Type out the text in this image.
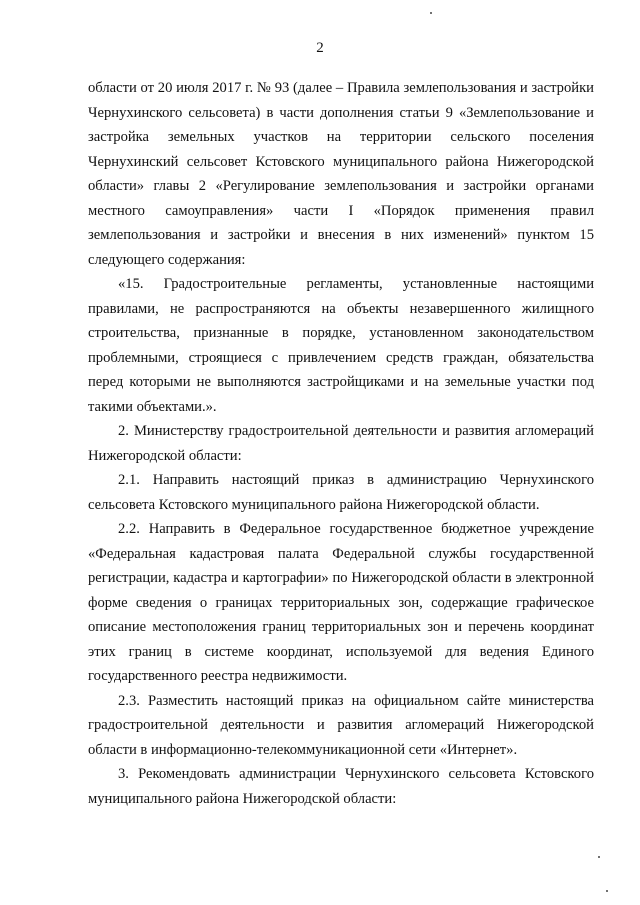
2

области от 20 июля 2017 г. № 93 (далее – Правила землепользования и застройки Чернухинского сельсовета) в части дополнения статьи 9 «Землепользование и застройка земельных участков на территории сельского поселения Чернухинский сельсовет Кстовского муниципального района Нижегородской области» главы 2 «Регулирование землепользования и застройки органами местного самоуправления» части I «Порядок применения правил землепользования и застройки и внесения в них изменений» пунктом 15 следующего содержания:

«15. Градостроительные регламенты, установленные настоящими правилами, не распространяются на объекты незавершенного жилищного строительства, признанные в порядке, установленном законодательством проблемными, строящиеся с привлечением средств граждан, обязательства перед которыми не выполняются застройщиками и на земельные участки под такими объектами.».

2. Министерству градостроительной деятельности и развития агломераций Нижегородской области:

2.1. Направить настоящий приказ в администрацию Чернухинского сельсовета Кстовского муниципального района Нижегородской области.

2.2. Направить в Федеральное государственное бюджетное учреждение «Федеральная кадастровая палата Федеральной службы государственной регистрации, кадастра и картографии» по Нижегородской области в электронной форме сведения о границах территориальных зон, содержащие графическое описание местоположения границ территориальных зон и перечень координат этих границ в системе координат, используемой для ведения Единого государственного реестра недвижимости.

2.3. Разместить настоящий приказ на официальном сайте министерства градостроительной деятельности и развития агломераций Нижегородской области в информационно-телекоммуникационной сети «Интернет».

3. Рекомендовать администрации Чернухинского сельсовета Кстовского муниципального района Нижегородской области:
